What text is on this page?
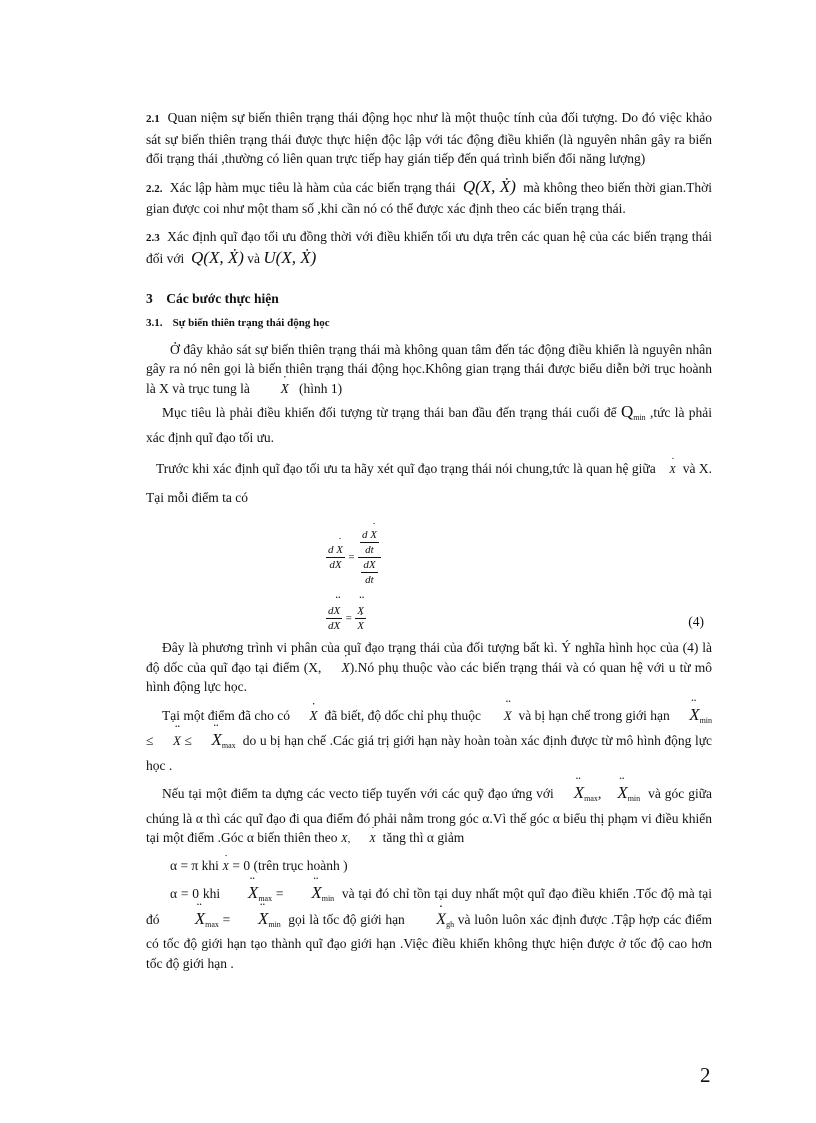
2.1 Quan niệm sự biến thiên trạng thái động học như là một thuộc tính của đối tượng. Do đó việc khảo sát sự biến thiên trạng thái được thực hiện độc lập với tác động điều khiển (là nguyên nhân gây ra biến đổi trạng thái ,thường có liên quan trực tiếp hay gián tiếp đến quá trình biến đổi năng lượng)

2.2. Xác lập hàm mục tiêu là hàm của các biến trạng thái Q(X, Ẋ) mà không theo biến thời gian.Thời gian được coi như một tham số ,khi cần nó có thể được xác định theo các biến trạng thái.

2.3 Xác định quĩ đạo tối ưu đồng thời với điều khiển tối ưu dựa trên các quan hệ của các biến trạng thái đối với Q(X, Ẋ) và U(X, Ẋ)

3 Các bước thực hiện

3.1. Sự biến thiên trạng thái động học

Ở đây khảo sát sự biến thiên trạng thái mà không quan tâm đến tác động điều khiển là nguyên nhân gây ra nó nên gọi là biến thiên trạng thái động học.Không gian trạng thái được biểu diễn bởi trục hoành là X và trục tung là  ˙ X (hình 1)

Mục tiêu là phải điều khiển đối tượng từ trạng thái ban đầu đến trạng thái cuối để $Q_{min}$ ,tức là phải xác định quĩ đạo tối ưu.

Trước khi xác định quĩ đạo tối ưu ta hãy xét quĩ đạo trạng thái nói chung,tức là quan hệ giữa ˙ X và X. Tại mỗi điểm ta có

$\frac{d ˙ X}{dX} = \frac{\frac{d ˙ X}{dt}}{\frac{dX}{dt}}$
$\frac{d¨ X}{dX}$ =
¨ X
˙ X	(4)

Đây là phương trình vi phân của quĩ đạo trạng thái của đối tượng bất kì. Ý nghĩa hình học của (4) là độ dốc của quĩ đạo tại điểm (X, ˙ X).Nó phụ thuộc vào các biến trạng thái và có quan hệ với u từ mô hình động lực học.

Tại một điểm đã cho có ˙ X đã biết, độ dốc chỉ phụ thuộc  ¨ X và bị hạn chế trong giới hạn ¨ $X_{min}$ ≤ ¨ X ≤ ¨ $X_{max}$ do u bị hạn chế .Các giá trị giới hạn này hoàn toàn xác định được từ mô hình động lực học .

Nếu tại một điểm ta dựng các vecto tiếp tuyến với các quỹ đạo ứng với ¨ $X_{max},¨$ $X_{min}$ và góc giữa chúng là α thì các quĩ đạo đi qua điểm đó phải nằm trong góc α.Vì thế góc α biểu thị phạm vi điều khiển tại một điểm .Góc α biến thiên theo X, ˙ X tăng thì α giảm

α = π khi ˙ X = 0 (trên trục hoành )

α = 0 khi ¨ $X_{max}$ = ¨ $X_{min}$ và tại đó chỉ tồn tại duy nhất một quĩ đạo điều khiển .Tốc độ mà tại đó   ¨ $X_{max}$ = ¨ $X_{min}$ gọi là tốc độ giới hạn  ˙ $X_{gh}$ và luôn luôn xác định được .Tập hợp các điểm có tốc độ giới hạn tạo thành quĩ đạo giới hạn .Việc điều khiển không thực hiện được ở tốc độ cao hơn tốc độ giới hạn .

2
